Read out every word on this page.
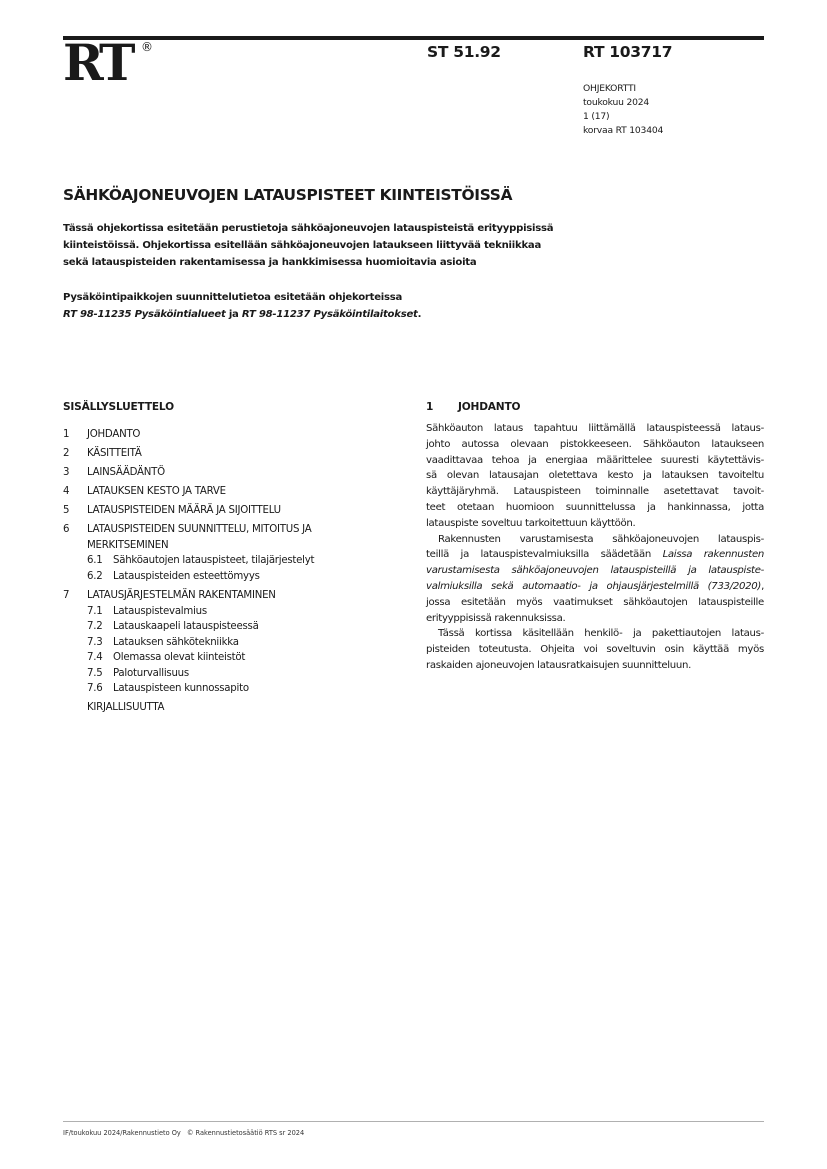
RT ®	ST 51.92	RT 103717
OHJEKORTTI
toukokuu 2024
1 (17)
korvaa RT 103404
SÄHKÖAJONEUVOJEN LATAUSPISTEET KIINTEISTÖISSÄ
Tässä ohjekortissa esitetään perustietoja sähköajoneuvojen latauspisteistä erityyppisissä
kiinteistöissä. Ohjekortissa esitellään sähköajoneuvojen lataukseen liittyvää tekniikkaa
sekä latauspisteiden rakentamisessa ja hankkimisessa huomioitavia asioita
Pysäköintipaikkojen suunnittelutietoa esitetään ohjekorteissa
RT 98-11235 Pysäköintialueet ja RT 98-11237 Pysäköintilaitokset.
SISÄLLYSLUETTELO
1	JOHDANTO
2	KÄSITTEITÄ
3	LAINSÄÄDÄNTÖ
4	LATAUKSEN KESTO JA TARVE
5	LATAUSPISTEIDEN MÄÄRÄ JA SIJOITTELU
6	LATAUSPISTEIDEN SUUNNITTELU, MITOITUS JA MERKITSEMINEN
6.1	Sähköautojen latauspisteet, tilajärjestelyt
6.2	Latauspisteiden esteettömyys
7	LATAUSJÄRJESTELMÄN RAKENTAMINEN
7.1	Latauspistevalmius
7.2	Latauskaapeli latauspisteessä
7.3	Latauksen sähkötekniikka
7.4	Olemassa olevat kiinteistöt
7.5	Paloturvallisuus
7.6	Latauspisteen kunnossapito
KIRJALLISUUTTA
1	JOHDANTO

Sähköauton lataus tapahtuu liittämällä latauspisteessä lataus-
johto autossa olevaan pistokkeeseen. Sähköauton lataukseen
vaadittavaa tehoa ja energiaa määrittelee suuresti käytettävis-
sä olevan latausajan oletettava kesto ja latauksen tavoiteltu
käyttäjäryhmä. Latauspisteen toiminnalle asetettavat tavoit-
teet otetaan huomioon suunnittelussa ja hankinnassa, jotta
latauspiste soveltuu tarkoitettuun käyttöön.

Rakennusten varustamisesta sähköajoneuvojen latauspis-
teillä ja latauspistevalmiuksilla säädetään Laissa rakennusten
varustamisesta sähköajoneuvojen latauspisteillä ja latauspiste-
valmiuksilla sekä automaatio- ja ohjausjärjestelmillä (733/2020),
jossa esitetään myös vaatimukset sähköautojen latauspisteille
erityyppisissä rakennuksissa.

Tässä kortissa käsitellään henkilö- ja pakettiautojen lataus-
pisteiden toteutusta. Ohjeita voi soveltuvin osin käyttää myös
raskaiden ajoneuvojen latausratkaisujen suunnitteluun.

IF/toukokuu 2024/Rakennustieto Oy © Rakennustietosäätiö RTS sr 2024
